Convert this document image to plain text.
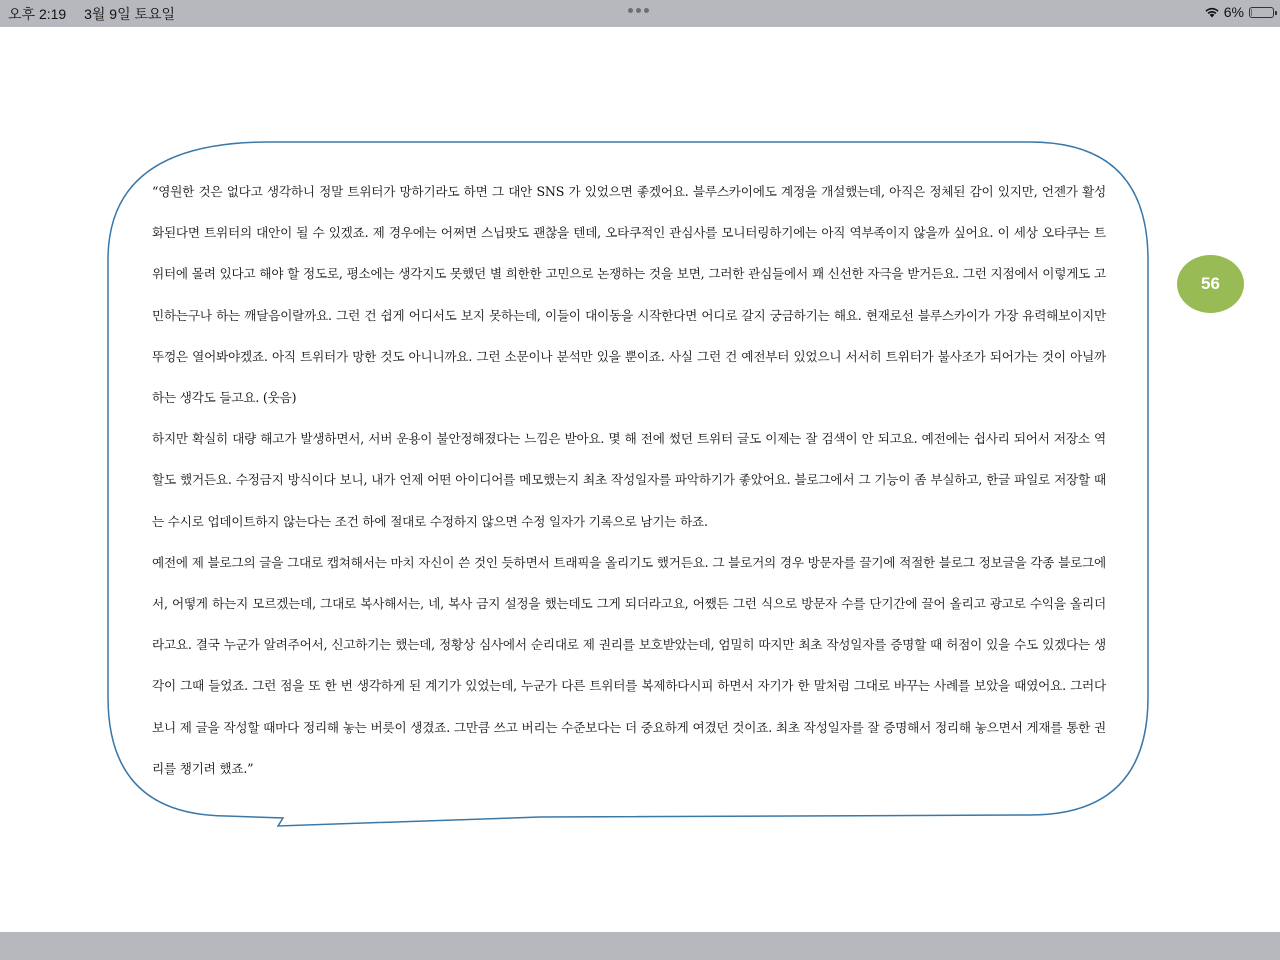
오후 2:19 3월 9일 토요일	6%

“영원한 것은 없다고 생각하니 정말 트위터가 망하기라도 하면 그 대안 SNS 가 있었으면 좋겠어요. 블루스카이에도 계정을 개설했는데, 아직은 정체된 감이 있지만, 언젠가 활성화된다면 트위터의 대안이 될 수 있겠죠. 제 경우에는 어쩌면 스닙팟도 괜찮을 텐데, 오타쿠적인 관심사를 모니터링하기에는 아직 역부족이지 않을까 싶어요. 이 세상 오타쿠는 트위터에 몰려 있다고 해야 할 정도로, 평소에는 생각지도 못했던 별 희한한 고민으로 논쟁하는 것을 보면, 그러한 관심들에서 꽤 신선한 자극을 받거든요. 그런 지점에서 이렇게도 고민하는구나 하는 깨달음이랄까요. 그런 건 쉽게 어디서도 보지 못하는데, 이들이 대이동을 시작한다면 어디로 갈지 궁금하기는 해요. 현재로선 블루스카이가 가장 유력해보이지만 뚜껑은 열어봐야겠죠. 아직 트위터가 망한 것도 아니니까요. 그런 소문이나 분석만 있을 뿐이죠. 사실 그런 건 예전부터 있었으니 서서히 트위터가 불사조가 되어가는 것이 아닐까 하는 생각도 들고요. (웃음)

하지만 확실히 대량 해고가 발생하면서, 서버 운용이 불안정해졌다는 느낌은 받아요. 몇 해 전에 썼던 트위터 글도 이제는 잘 검색이 안 되고요. 예전에는 쉽사리 되어서 저장소 역할도 했거든요. 수정금지 방식이다 보니, 내가 언제 어떤 아이디어를 메모했는지 최초 작성일자를 파악하기가 좋았어요. 블로그에서 그 기능이 좀 부실하고, 한글 파일로 저장할 때는 수시로 업데이트하지 않는다는 조건 하에 절대로 수정하지 않으면 수정 일자가 기록으로 남기는 하죠.

예전에 제 블로그의 글을 그대로 캡쳐해서는 마치 자신이 쓴 것인 듯하면서 트래픽을 올리기도 했거든요. 그 블로거의 경우 방문자를 끌기에 적절한 블로그 정보글을 각종 블로그에서, 어떻게 하는지 모르겠는데, 그대로 복사해서는, 네, 복사 금지 설정을 했는데도 그게 되더라고요, 어쨌든 그런 식으로 방문자 수를 단기간에 끌어 올리고 광고로 수익을 올리더라고요. 결국 누군가 알려주어서, 신고하기는 했는데, 정황상 심사에서 순리대로 제 권리를 보호받았는데, 엄밀히 따지만 최초 작성일자를 증명할 때 허점이 있을 수도 있겠다는 생각이 그때 들었죠. 그런 점을 또 한 번 생각하게 된 계기가 있었는데, 누군가 다른 트위터를 복제하다시피 하면서 자기가 한 말처럼 그대로 바꾸는 사례를 보았을 때였어요. 그러다 보니 제 글을 작성할 때마다 정리해 놓는 버릇이 생겼죠. 그만큼 쓰고 버리는 수준보다는 더 중요하게 여겼던 것이죠. 최초 작성일자를 잘 증명해서 정리해 놓으면서 게재를 통한 권리를 챙기려 했죠.”

56
